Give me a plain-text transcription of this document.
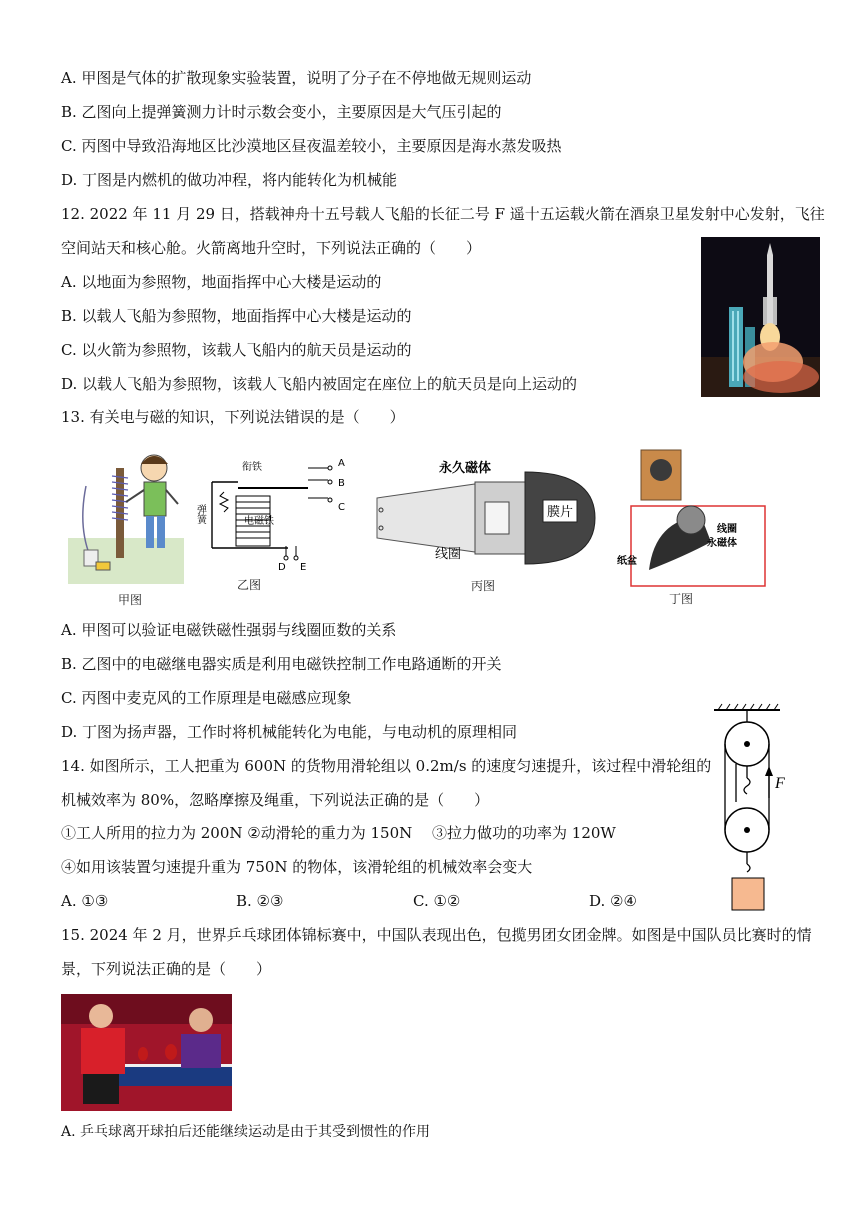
A. 甲图是气体的扩散现象实验装置，说明了分子在不停地做无规则运动
B. 乙图向上提弹簧测力计时示数会变小，主要原因是大气压引起的
C. 丙图中导致沿海地区比沙漠地区昼夜温差较小，主要原因是海水蒸发吸热
D. 丁图是内燃机的做功冲程，将内能转化为机械能
12. 2022 年 11 月 29 日，搭载神舟十五号载人飞船的长征二号 F 遥十五运载火箭在酒泉卫星发射中心发射，飞往
空间站天和核心舱。火箭离地升空时，下列说法正确的（　　）
A. 以地面为参照物，地面指挥中心大楼是运动的
B. 以载人飞船为参照物，地面指挥中心大楼是运动的
C. 以火箭为参照物，该载人飞船内的航天员是运动的
D. 以载人飞船为参照物，该载人飞船内被固定在座位上的航天员是向上运动的
13. 有关电与磁的知识，下列说法错误的是（　　）
甲图
衔铁
弹簧	电磁铁
A
B
C
D E
乙图
永久磁体
膜片
线圈
丙图
线圈
永磁体
纸盆
丁图
A. 甲图可以验证电磁铁磁性强弱与线圈匝数的关系
B. 乙图中的电磁继电器实质是利用电磁铁控制工作电路通断的开关
C. 丙图中麦克风的工作原理是电磁感应现象
D. 丁图为扬声器，工作时将机械能转化为电能，与电动机的原理相同
14. 如图所示，工人把重为 600N 的货物用滑轮组以 0.2m/s 的速度匀速提升，该过程中滑轮组的
机械效率为 80%，忽略摩擦及绳重，下列说法正确的是（　　）
①工人所用的拉力为 200N ②动滑轮的重力为 150N　 ③拉力做功的功率为 120W
④如用该装置匀速提升重为 750N 的物体，该滑轮组的机械效率会变大
A. ①③	B. ②③	C. ①②	D. ②④
F
15. 2024 年 2 月，世界乒乓球团体锦标赛中，中国队表现出色，包揽男团女团金牌。如图是中国队员比赛时的情
景，下列说法正确的是（　　）
A. 乒乓球离开球拍后还能继续运动是由于其受到惯性的作用
